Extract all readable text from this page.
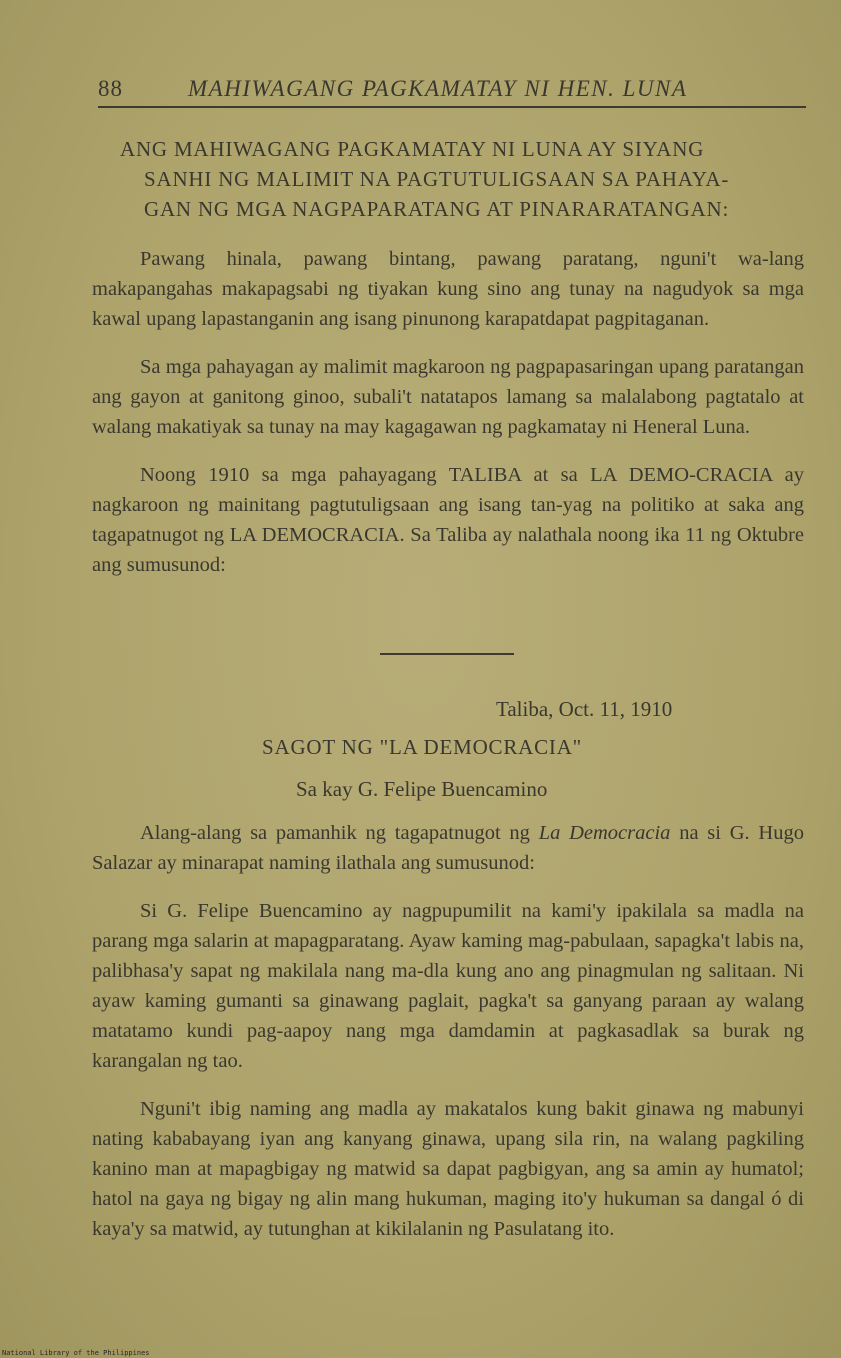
88	MAHIWAGANG PAGKAMATAY NI HEN. LUNA
ANG MAHIWAGANG PAGKAMATAY NI LUNA AY SIYANG
SANHI NG MALIMIT NA PAGTUTULIGSAAN SA PAHAYA-
GAN NG MGA NAGPAPARATANG AT PINARARATANGAN:

Pawang hinala, pawang bintang, pawang paratang, nguni't wa-lang makapangahas makapagsabi ng tiyakan kung sino ang tunay na nagudyok sa mga kawal upang lapastanganin ang isang pinunong karapatdapat pagpitaganan.

Sa mga pahayagan ay malimit magkaroon ng pagpapasaringan upang paratangan ang gayon at ganitong ginoo, subali't natatapos lamang sa malalabong pagtatalo at walang makatiyak sa tunay na may kagagawan ng pagkamatay ni Heneral Luna.

Noong 1910 sa mga pahayagang TALIBA at sa LA DEMO-CRACIA ay nagkaroon ng mainitang pagtutuligsaan ang isang tan-yag na politiko at saka ang tagapatnugot ng LA DEMOCRACIA. Sa Taliba ay nalathala noong ika 11 ng Oktubre ang sumusunod:

Taliba, Oct. 11, 1910
SAGOT NG "LA DEMOCRACIA"
Sa kay G. Felipe Buencamino

Alang-alang sa pamanhik ng tagapatnugot ng La Democracia na si G. Hugo Salazar ay minarapat naming ilathala ang sumusunod:

Si G. Felipe Buencamino ay nagpupumilit na kami'y ipakilala sa madla na parang mga salarin at mapagparatang. Ayaw kaming mag-pabulaan, sapagka't labis na, palibhasa'y sapat ng makilala nang ma-dla kung ano ang pinagmulan ng salitaan. Ni ayaw kaming gumanti sa ginawang paglait, pagka't sa ganyang paraan ay walang matatamo kundi pag-aapoy nang mga damdamin at pagkasadlak sa burak ng karangalan ng tao.

Nguni't ibig naming ang madla ay makatalos kung bakit ginawa ng mabunyi nating kababayang iyan ang kanyang ginawa, upang sila rin, na walang pagkiling kanino man at mapagbigay ng matwid sa dapat pagbigyan, ang sa amin ay humatol; hatol na gaya ng bigay ng alin mang hukuman, maging ito'y hukuman sa dangal ó di kaya'y sa matwid, ay tutunghan at kikilalanin ng Pasulatang ito.

National Library of the Philippines
